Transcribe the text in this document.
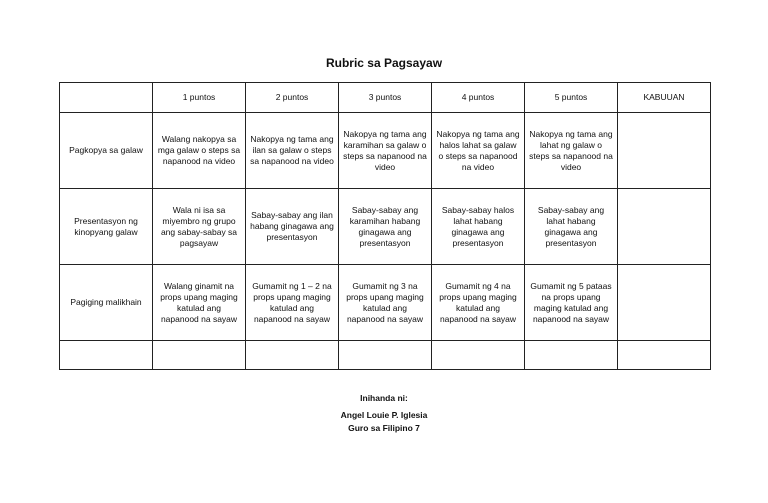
Rubric sa Pagsayaw
	1 puntos	2 puntos	3 puntos	4 puntos	5 puntos	KABUUAN
Pagkopya sa galaw	Walang nakopya sa mga galaw o steps sa napanood na video	Nakopya ng tama ang ilan sa galaw o steps sa napanood na video	Nakopya ng tama ang karamihan sa galaw o steps sa napanood na video	Nakopya ng tama ang halos lahat sa galaw o steps sa napanood na video	Nakopya ng tama ang lahat ng galaw o steps sa napanood na video	
Presentasyon ng kinopyang galaw	Wala ni isa sa miyembro ng grupo ang sabay-sabay sa pagsayaw	Sabay-sabay ang ilan habang ginagawa ang presentasyon	Sabay-sabay ang karamihan habang ginagawa ang presentasyon	Sabay-sabay halos lahat habang ginagawa ang presentasyon	Sabay-sabay ang lahat habang ginagawa ang presentasyon	
Pagiging malikhain	Walang ginamit na props upang maging katulad ang napanood na sayaw	Gumamit ng 1 – 2 na props upang maging katulad ang napanood na sayaw	Gumamit ng 3 na props upang maging katulad ang napanood na sayaw	Gumamit ng 4 na props upang maging katulad ang napanood na sayaw	Gumamit ng 5 pataas na props upang maging katulad ang napanood na sayaw	

Inihanda ni:
Angel Louie P. Iglesia
Guro sa Filipino 7
